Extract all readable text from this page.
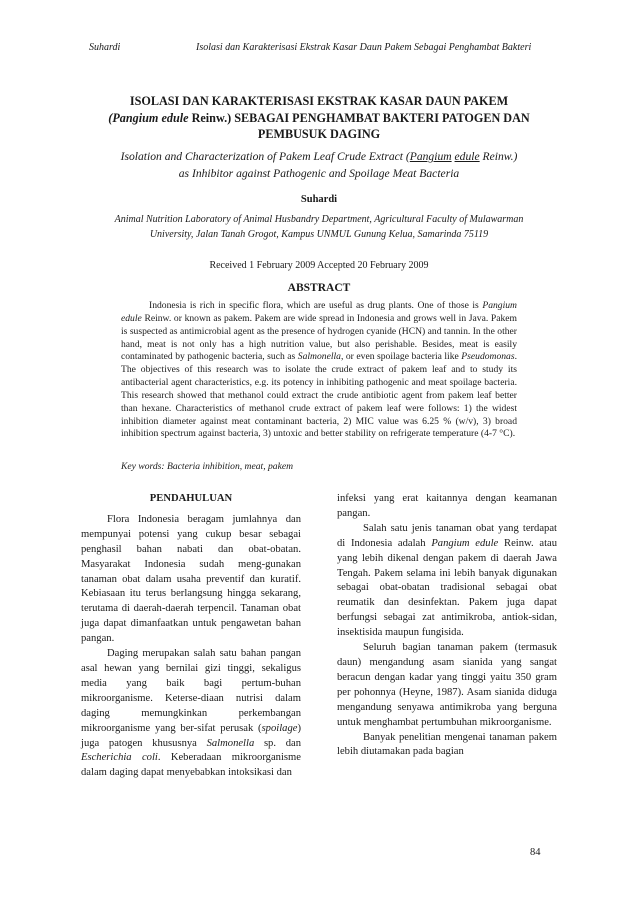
Suhardi	Isolasi dan Karakterisasi Ekstrak Kasar Daun Pakem Sebagai Penghambat Bakteri
ISOLASI DAN KARAKTERISASI EKSTRAK KASAR DAUN PAKEM
(Pangium edule Reinw.) SEBAGAI PENGHAMBAT BAKTERI PATOGEN DAN
PEMBUSUK DAGING
Isolation and Characterization of Pakem Leaf Crude Extract (Pangium edule Reinw.)
as Inhibitor against Pathogenic and Spoilage Meat Bacteria
Suhardi
Animal Nutrition Laboratory of Animal Husbandry Department, Agricultural Faculty of Mulawarman
University, Jalan Tanah Grogot, Kampus UNMUL Gunung Kelua, Samarinda 75119
Received 1 February 2009 Accepted 20 February 2009
ABSTRACT
Indonesia is rich in specific flora, which are useful as drug plants. One of those is Pangium edule Reinw. or known as pakem. Pakem are wide spread in Indonesia and grows well in Java. Pakem is suspected as antimicrobial agent as the presence of hydrogen cyanide (HCN) and tannin. In the other hand, meat is not only has a high nutrition value, but also perishable. Besides, meat is easily contaminated by pathogenic bacteria, such as Salmonella, or even spoilage bacteria like Pseudomonas. The objectives of this research was to isolate the crude extract of pakem leaf and to study its antibacterial agent characteristics, e.g. its potency in inhibiting pathogenic and meat spoilage bacteria. This research showed that methanol could extract the crude antibiotic agent from pakem leaf better than hexane. Characteristics of methanol crude extract of pakem leaf were follows: 1) the widest inhibition diameter against meat contaminant bacteria, 2) MIC value was 6.25 % (w/v), 3) broad inhibition spectrum against bacteria, 3) untoxic and better stability on refrigerate temperature (4-7 °C).
Key words: Bacteria inhibition, meat, pakem

PENDAHULUAN

Flora Indonesia beragam jumlahnya dan mempunyai potensi yang cukup besar sebagai penghasil bahan nabati dan obat-obatan. Masyarakat Indonesia sudah meng-gunakan tanaman obat dalam usaha preventif dan kuratif. Kebiasaan itu terus berlangsung hingga sekarang, terutama di daerah-daerah terpencil. Tanaman obat juga dapat dimanfaatkan untuk pengawetan bahan pangan.

Daging merupakan salah satu bahan pangan asal hewan yang bernilai gizi tinggi, sekaligus media yang baik bagi pertum-buhan mikroorganisme. Keterse-diaan nutrisi dalam daging memungkinkan perkembangan mikroorganisme yang ber-sifat perusak (spoilage) juga patogen khususnya Salmonella sp. dan Escherichia coli. Keberadaan mikroorganisme dalam daging dapat menyebabkan intoksikasi dan

infeksi yang erat kaitannya dengan keamanan pangan.

Salah satu jenis tanaman obat yang terdapat di Indonesia adalah Pangium edule Reinw. atau yang lebih dikenal dengan pakem di daerah Jawa Tengah. Pakem selama ini lebih banyak digunakan sebagai obat-obatan tradisional sebagai obat reumatik dan desinfektan. Pakem juga dapat berfungsi sebagai zat antimikroba, antiok-sidan, insektisida maupun fungisida.

Seluruh bagian tanaman pakem (termasuk daun) mengandung asam sianida yang sangat beracun dengan kadar yang tinggi yaitu 350 gram per pohonnya (Heyne, 1987). Asam sianida diduga mengandung senyawa antimikroba yang berguna untuk menghambat pertumbuhan mikroorganisme.

Banyak penelitian mengenai tanaman pakem lebih diutamakan pada bagian

84
